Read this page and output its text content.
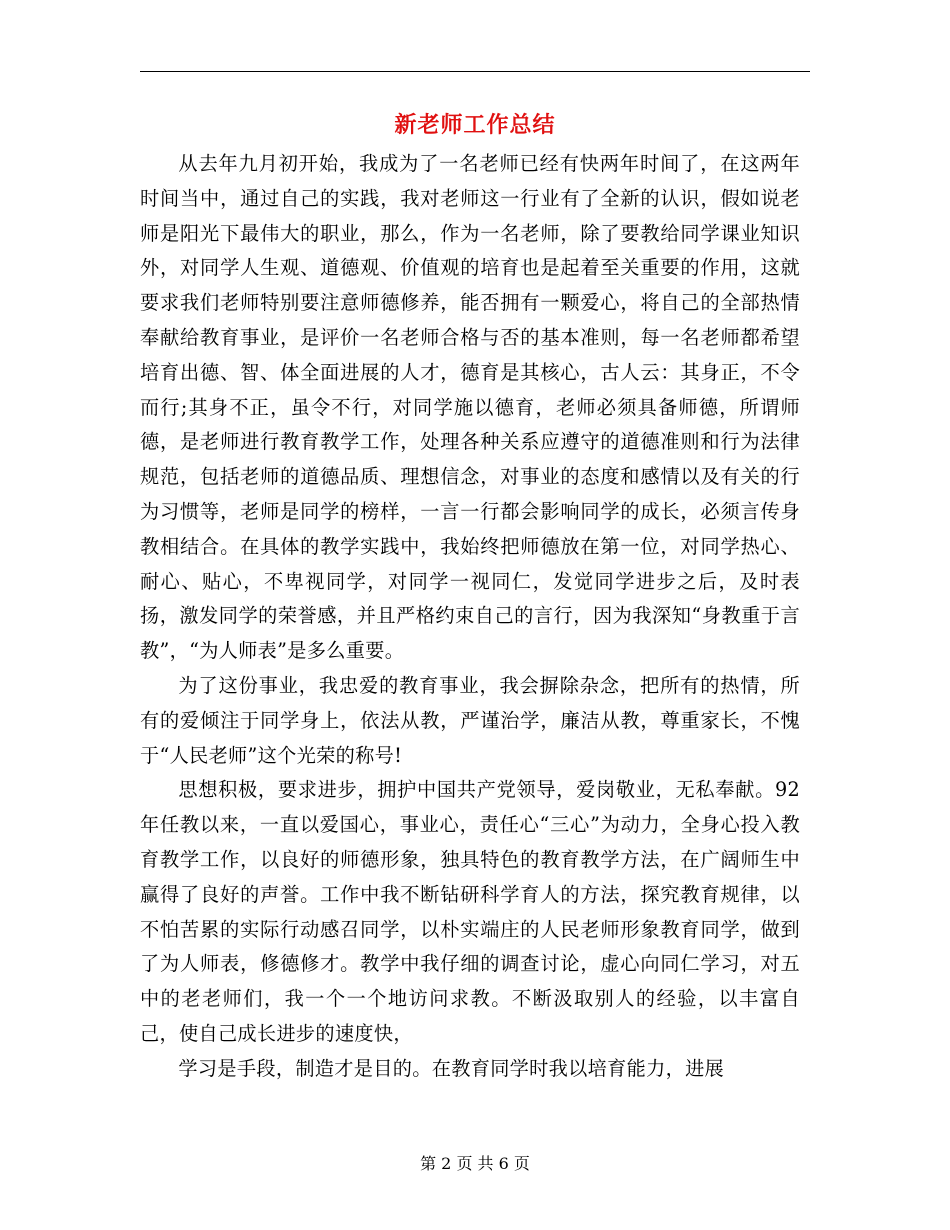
新老师工作总结

从去年九月初开始，我成为了一名老师已经有快两年时间了，在这两年时间当中，通过自己的实践，我对老师这一行业有了全新的认识，假如说老师是阳光下最伟大的职业，那么，作为一名老师，除了要教给同学课业知识外，对同学人生观、道德观、价值观的培育也是起着至关重要的作用，这就要求我们老师特别要注意师德修养，能否拥有一颗爱心，将自己的全部热情奉献给教育事业，是评价一名老师合格与否的基本准则，每一名老师都希望培育出德、智、体全面进展的人才，德育是其核心，古人云：其身正，不令而行;其身不正，虽令不行，对同学施以德育，老师必须具备师德，所谓师德，是老师进行教育教学工作，处理各种关系应遵守的道德准则和行为法律规范，包括老师的道德品质、理想信念，对事业的态度和感情以及有关的行为习惯等，老师是同学的榜样，一言一行都会影响同学的成长，必须言传身教相结合。在具体的教学实践中，我始终把师德放在第一位，对同学热心、耐心、贴心，不卑视同学，对同学一视同仁，发觉同学进步之后，及时表扬，激发同学的荣誉感，并且严格约束自己的言行，因为我深知“身教重于言教”，“为人师表”是多么重要。

为了这份事业，我忠爱的教育事业，我会摒除杂念，把所有的热情，所有的爱倾注于同学身上，依法从教，严谨治学，廉洁从教，尊重家长，不愧于“人民老师”这个光荣的称号!

思想积极，要求进步，拥护中国共产党领导，爱岗敬业，无私奉献。92年任教以来，一直以爱国心，事业心，责任心“三心”为动力，全身心投入教育教学工作，以良好的师德形象，独具特色的教育教学方法，在广阔师生中赢得了良好的声誉。工作中我不断钻研科学育人的方法，探究教育规律，以不怕苦累的实际行动感召同学，以朴实端庄的人民老师形象教育同学，做到了为人师表，修德修才。教学中我仔细的调查讨论，虚心向同仁学习，对五中的老老师们，我一个一个地访问求教。不断汲取别人的经验，以丰富自己，使自己成长进步的速度快，

学习是手段，制造才是目的。在教育同学时我以培育能力，进展

第 2 页 共 6 页
